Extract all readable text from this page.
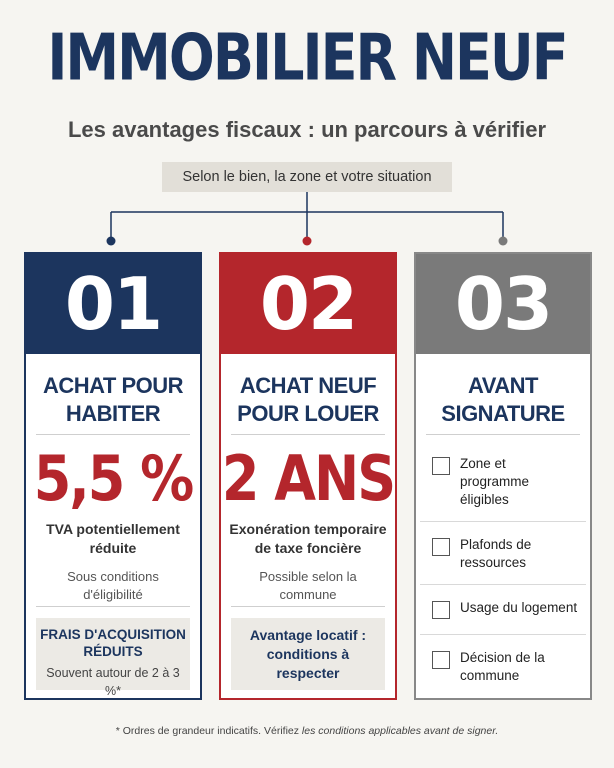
IMMOBILIER NEUF
Les avantages fiscaux : un parcours à vérifier
Selon le bien, la zone et votre situation
01
ACHAT POUR
HABITER
5,5 %
TVA potentiellement
réduite
Sous conditions
d'éligibilité
FRAIS D'ACQUISITION
RÉDUITS
Souvent autour de 2 à 3 %*
02
ACHAT NEUF
POUR LOUER
2 ANS
Exonération temporaire
de taxe foncière
Possible selon la commune
Avantage locatif :
conditions à respecter
03
AVANT
SIGNATURE
Zone et programme éligibles
Plafonds de ressources
Usage du logement
Décision de la commune
* Ordres de grandeur indicatifs. Vérifiez les conditions applicables avant de signer.
